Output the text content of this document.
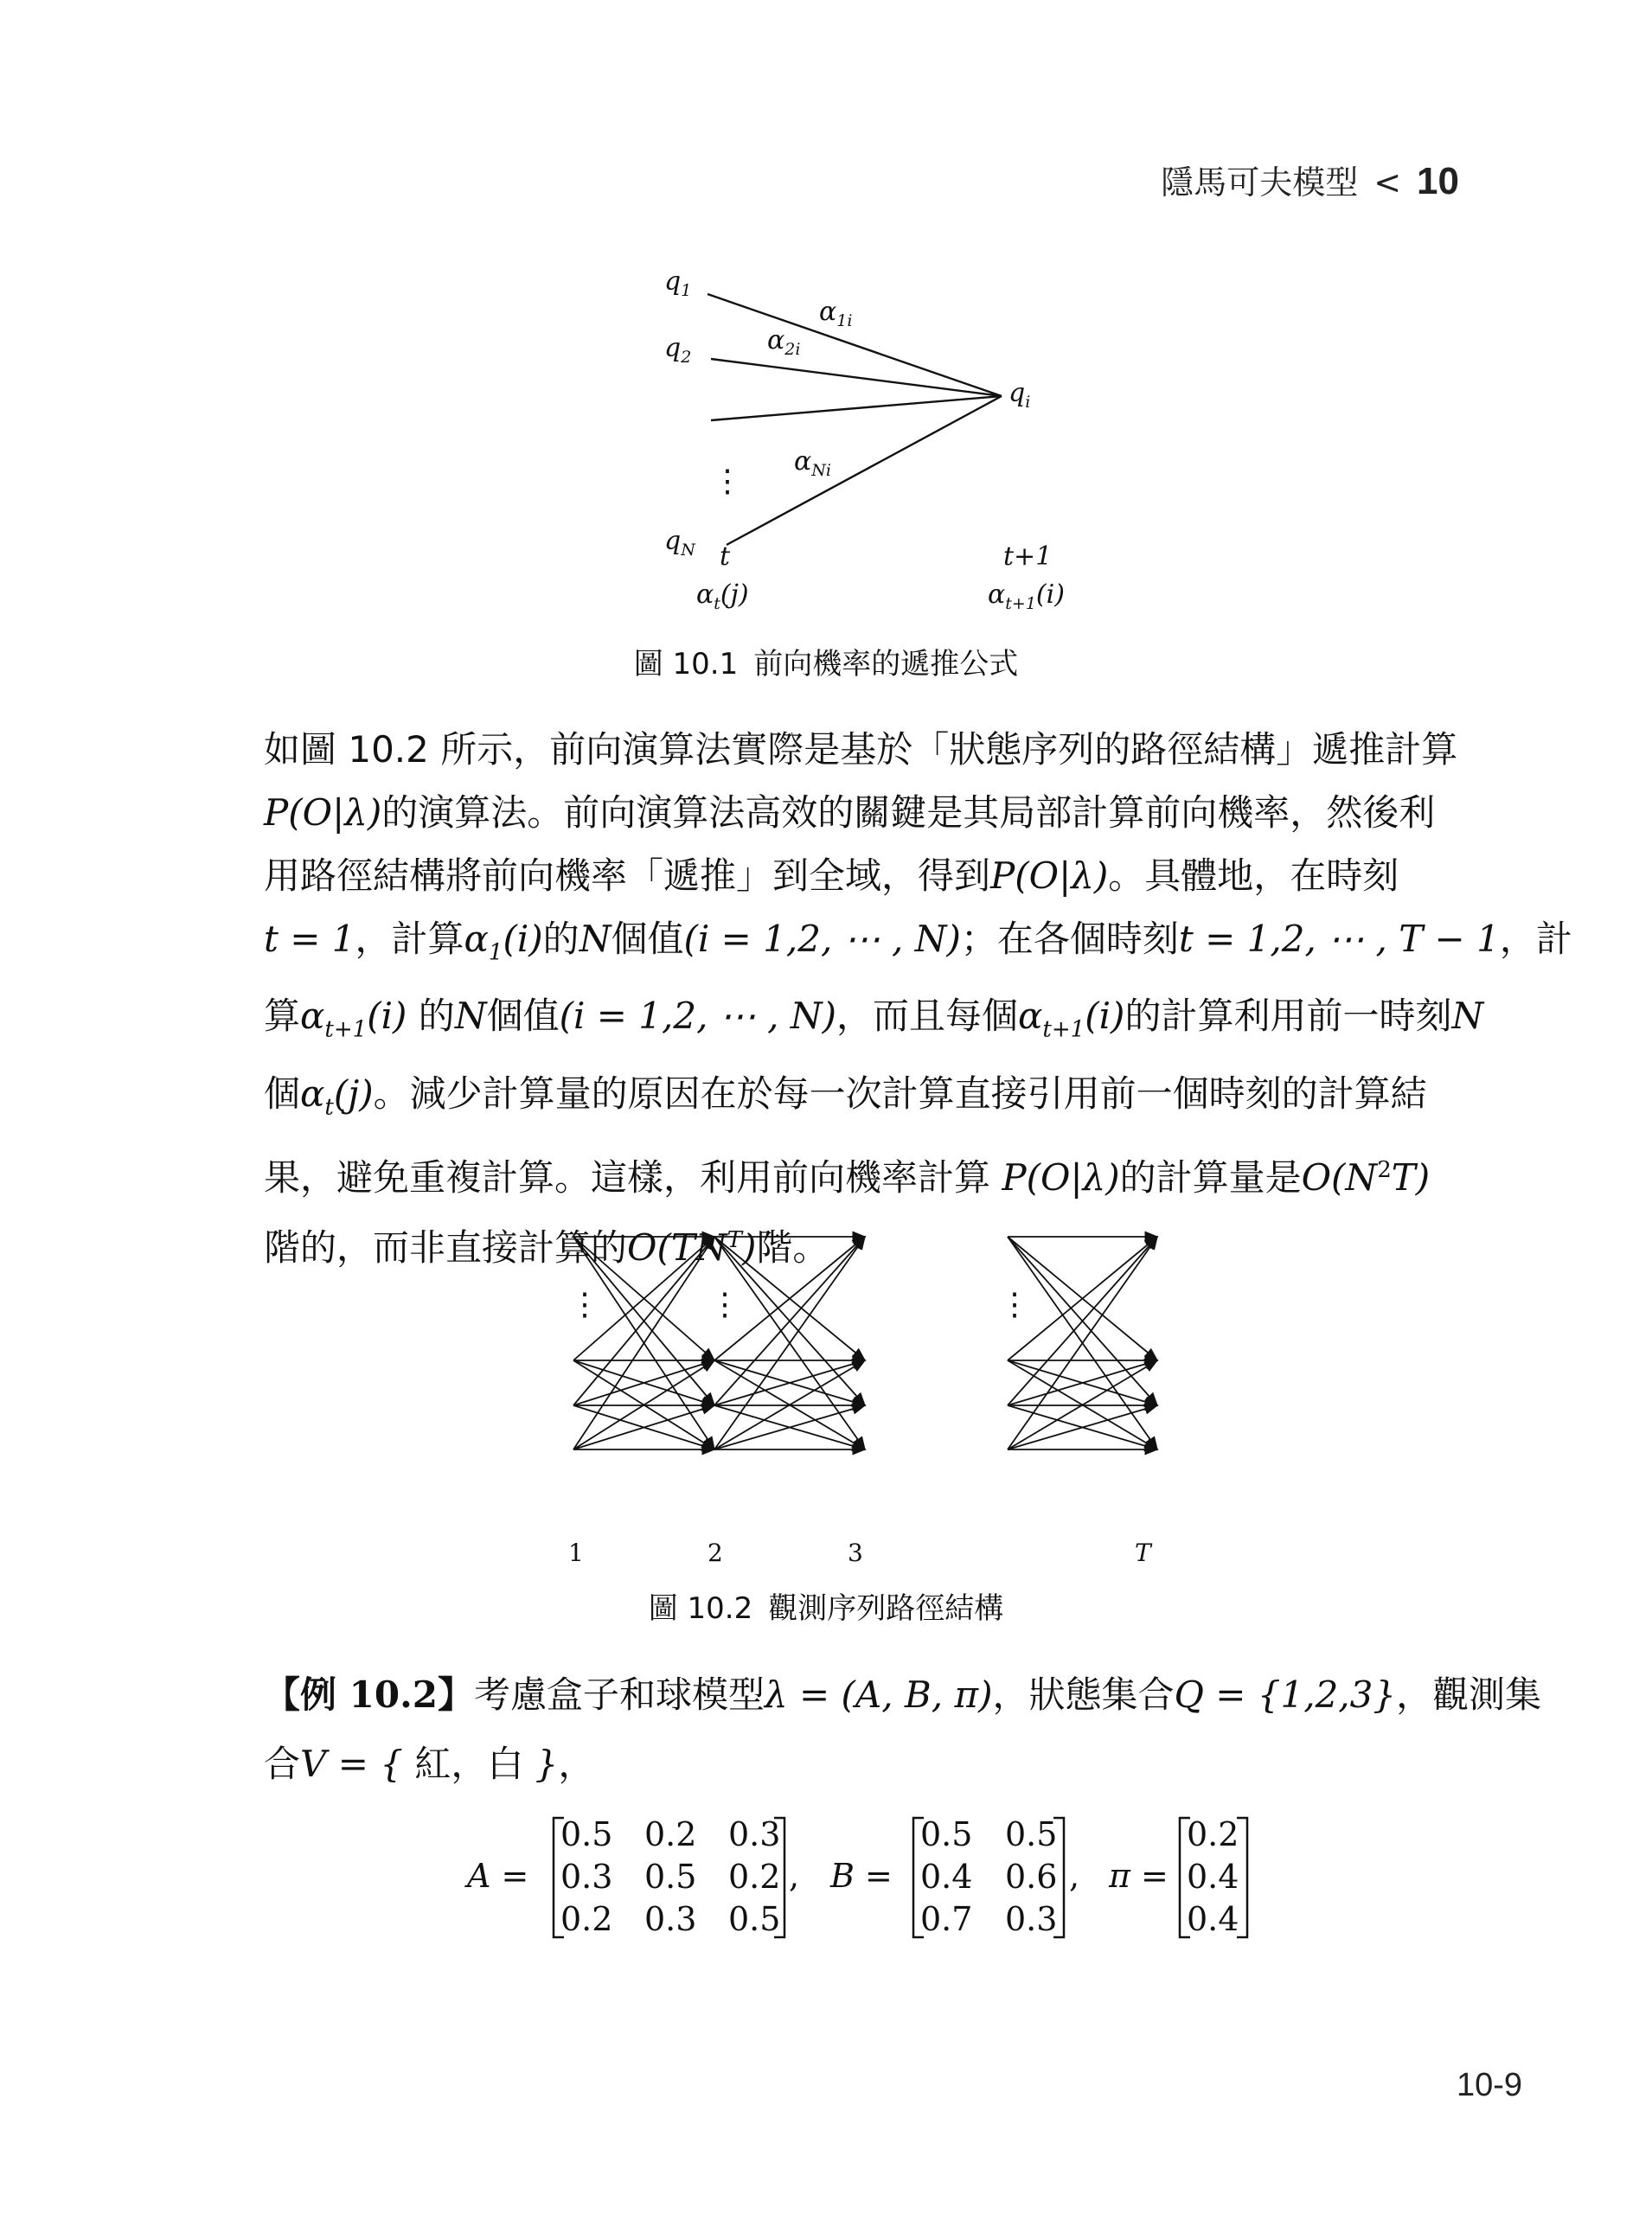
隱馬可夫模型 < 10
$q_1$
$q_2$
⋮
$q_N$
$q_i$
$\alpha_{1i}$
$\alpha_{2i}$
$\alpha_{Ni}$
t	t+1
$\alpha_t(j)$	$\alpha_{t+1}(i)$
圖 10.1 前向機率的遞推公式
如圖 10.2 所示，前向演算法實際是基於「狀態序列的路徑結構」遞推計算
P(O|λ)的演算法。前向演算法高效的關鍵是其局部計算前向機率，然後利
用路徑結構將前向機率「遞推」到全域，得到P(O|λ)。具體地，在時刻
t = 1，計算$\alpha_1(i)$的N個值(i = 1,2, ⋯ , N)；在各個時刻t = 1,2, ⋯ , T − 1，計
算$\alpha_{t+1}(i)$ 的N個值(i = 1,2, ⋯ , N)，而且每個$\alpha_{t+1}(i)$的計算利用前一時刻N
個$\alpha_t(j)$。減少計算量的原因在於每一次計算直接引用前一個時刻的計算結
果，避免重複計算。這樣，利用前向機率計算 P(O|λ)的計算量是$O(N^2T)$
階的，而非直接計算的$O(TN^T)$階。
⋮	⋮	⋮
1	2	3	T
圖 10.2 觀測序列路徑結構
【例 10.2】考慮盒子和球模型λ = (A, B, π)，狀態集合Q = {1,2,3}，觀測集
合V = { 紅，白 }，
A =
0.5 0.2 0.3
0.3 0.5 0.2
0.2 0.3 0.5
, B =
0.5 0.5
0.4 0.6
0.7 0.3
, π =
0.2
0.4
0.4
10-9
